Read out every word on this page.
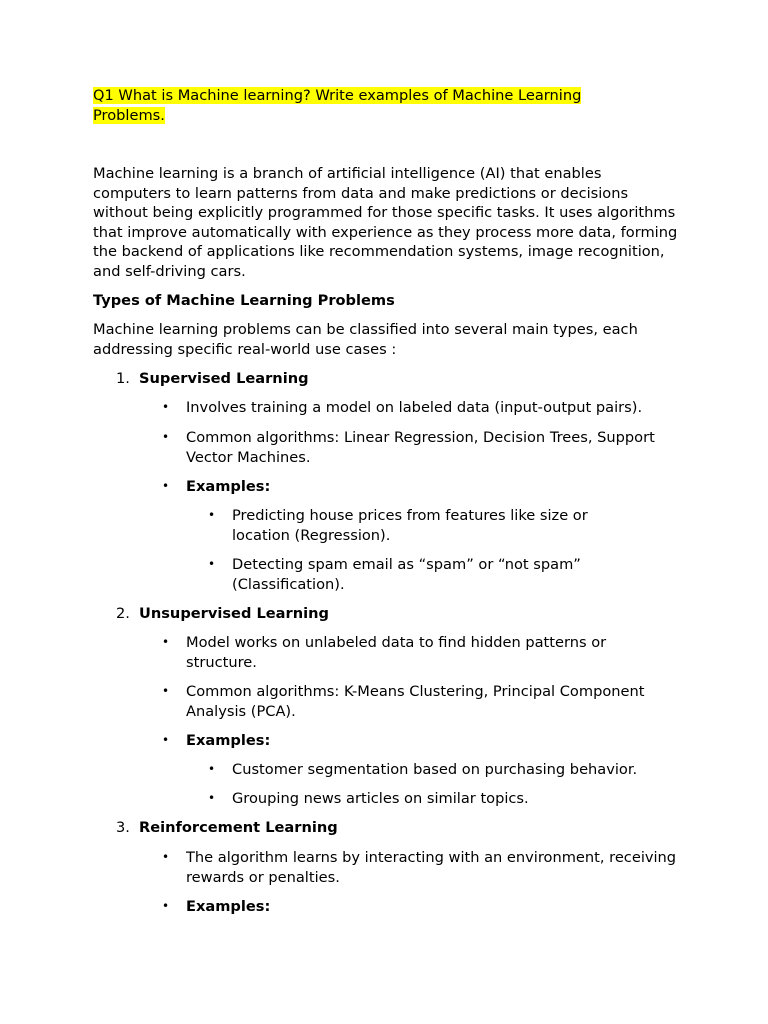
Q1 What is Machine learning? Write examples of Machine Learning Problems.

Machine learning is a branch of artificial intelligence (AI) that enables computers to learn patterns from data and make predictions or decisions without being explicitly programmed for those specific tasks. It uses algorithms that improve automatically with experience as they process more data, forming the backend of applications like recommendation systems, image recognition, and self-driving cars.

Types of Machine Learning Problems

Machine learning problems can be classified into several main types, each addressing specific real-world use cases :

1. Supervised Learning
• Involves training a model on labeled data (input-output pairs).
• Common algorithms: Linear Regression, Decision Trees, Support Vector Machines.
• Examples:
• Predicting house prices from features like size or location (Regression).
• Detecting spam email as “spam” or “not spam” (Classification).
2. Unsupervised Learning
• Model works on unlabeled data to find hidden patterns or structure.
• Common algorithms: K-Means Clustering, Principal Component Analysis (PCA).
• Examples:
• Customer segmentation based on purchasing behavior.
• Grouping news articles on similar topics.
3. Reinforcement Learning
• The algorithm learns by interacting with an environment, receiving rewards or penalties.
• Examples:
